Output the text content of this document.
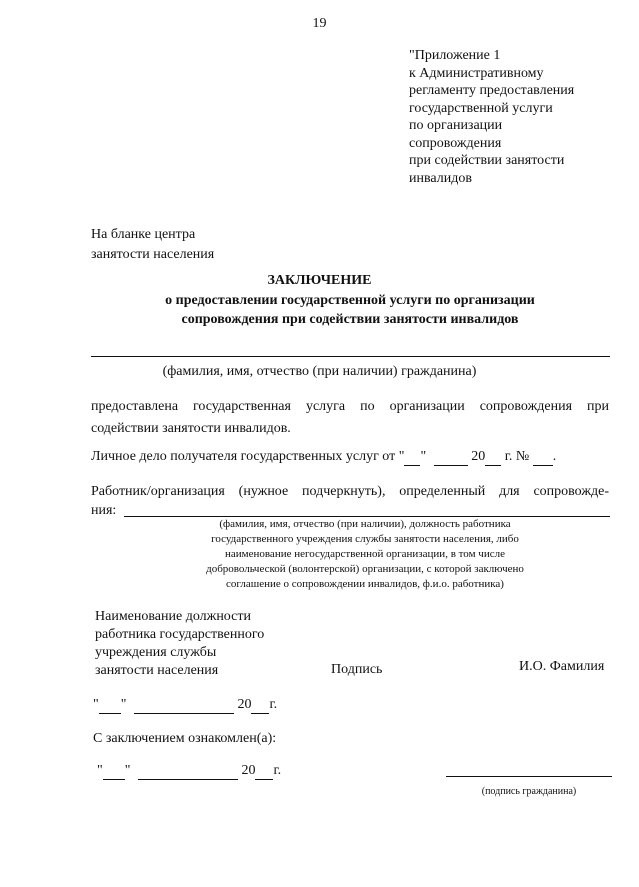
19
"Приложение 1
к Административному
регламенту предоставления
государственной услуги
по организации
сопровождения
при содействии занятости
инвалидов
На бланке центра
занятости населения
ЗАКЛЮЧЕНИЕ
о предоставлении государственной услуги по организации
сопровождения при содействии занятости инвалидов
(фамилия, имя, отчество (при наличии) гражданина)
предоставлена государственная услуга по организации сопровождения при содействии занятости инвалидов.
Личное дело получателя государственных услуг от " "	20 г. № .
Работник/организация (нужное подчеркнуть), определенный для сопровожде-
ния:
(фамилия, имя, отчество (при наличии), должность работника
государственного учреждения службы занятости населения, либо
наименование негосударственной организации, в том числе
добровольческой (волонтерской) организации, с которой заключено
соглашение о сопровождении инвалидов, ф.и.о. работника)
Наименование должности
работника государственного
учреждения службы
занятости населения	Подпись	И.О. Фамилия
" "	20 г.
С заключением ознакомлен(а):
" "	20 г.
(подпись гражданина)
